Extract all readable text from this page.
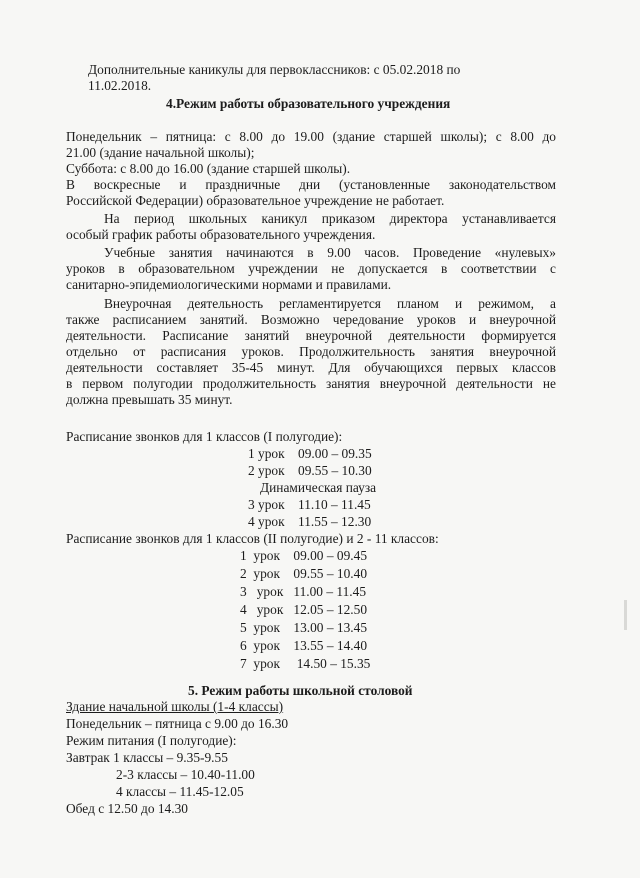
Дополнительные каникулы для первоклассников: с 05.02.2018 по
11.02.2018.
4.Режим работы образовательного учреждения
Понедельник – пятница: с 8.00 до 19.00 (здание старшей школы); с 8.00 до
21.00 (здание начальной школы);
Суббота: с 8.00 до 16.00 (здание старшей школы).
В воскресные и праздничные дни (установленные законодательством
Российской Федерации) образовательное учреждение не работает.
На период школьных каникул приказом директора устанавливается
особый график работы образовательного учреждения.
Учебные занятия начинаются в 9.00 часов. Проведение «нулевых»
уроков в образовательном учреждении не допускается в соответствии с
санитарно-эпидемиологическими нормами и правилами.
Внеурочная деятельность регламентируется планом и режимом, а
также расписанием занятий. Возможно чередование уроков и внеурочной
деятельности. Расписание занятий внеурочной деятельности формируется
отдельно от расписания уроков. Продолжительность занятия внеурочной
деятельности составляет 35-45 минут. Для обучающихся первых классов
в первом полугодии продолжительность занятия внеурочной деятельности не
должна превышать 35 минут.
Расписание звонков для 1 классов (I полугодие):
1 урок    09.00 – 09.35
2 урок    09.55 – 10.30
Динамическая пауза
3 урок    11.10 – 11.45
4 урок    11.55 – 12.30
Расписание звонков для 1 классов (II полугодие) и 2 - 11 классов:
1  урок    09.00 – 09.45
2  урок    09.55 – 10.40
3   урок   11.00 – 11.45
4   урок   12.05 – 12.50
5  урок    13.00 – 13.45
6  урок    13.55 – 14.40
7  урок     14.50 – 15.35
5. Режим работы школьной столовой
Здание начальной школы (1-4 классы)
Понедельник – пятница с 9.00 до 16.30
Режим питания (I полугодие):
Завтрак 1 классы – 9.35-9.55
2-3 классы – 10.40-11.00
4 классы – 11.45-12.05
Обед с 12.50 до 14.30
